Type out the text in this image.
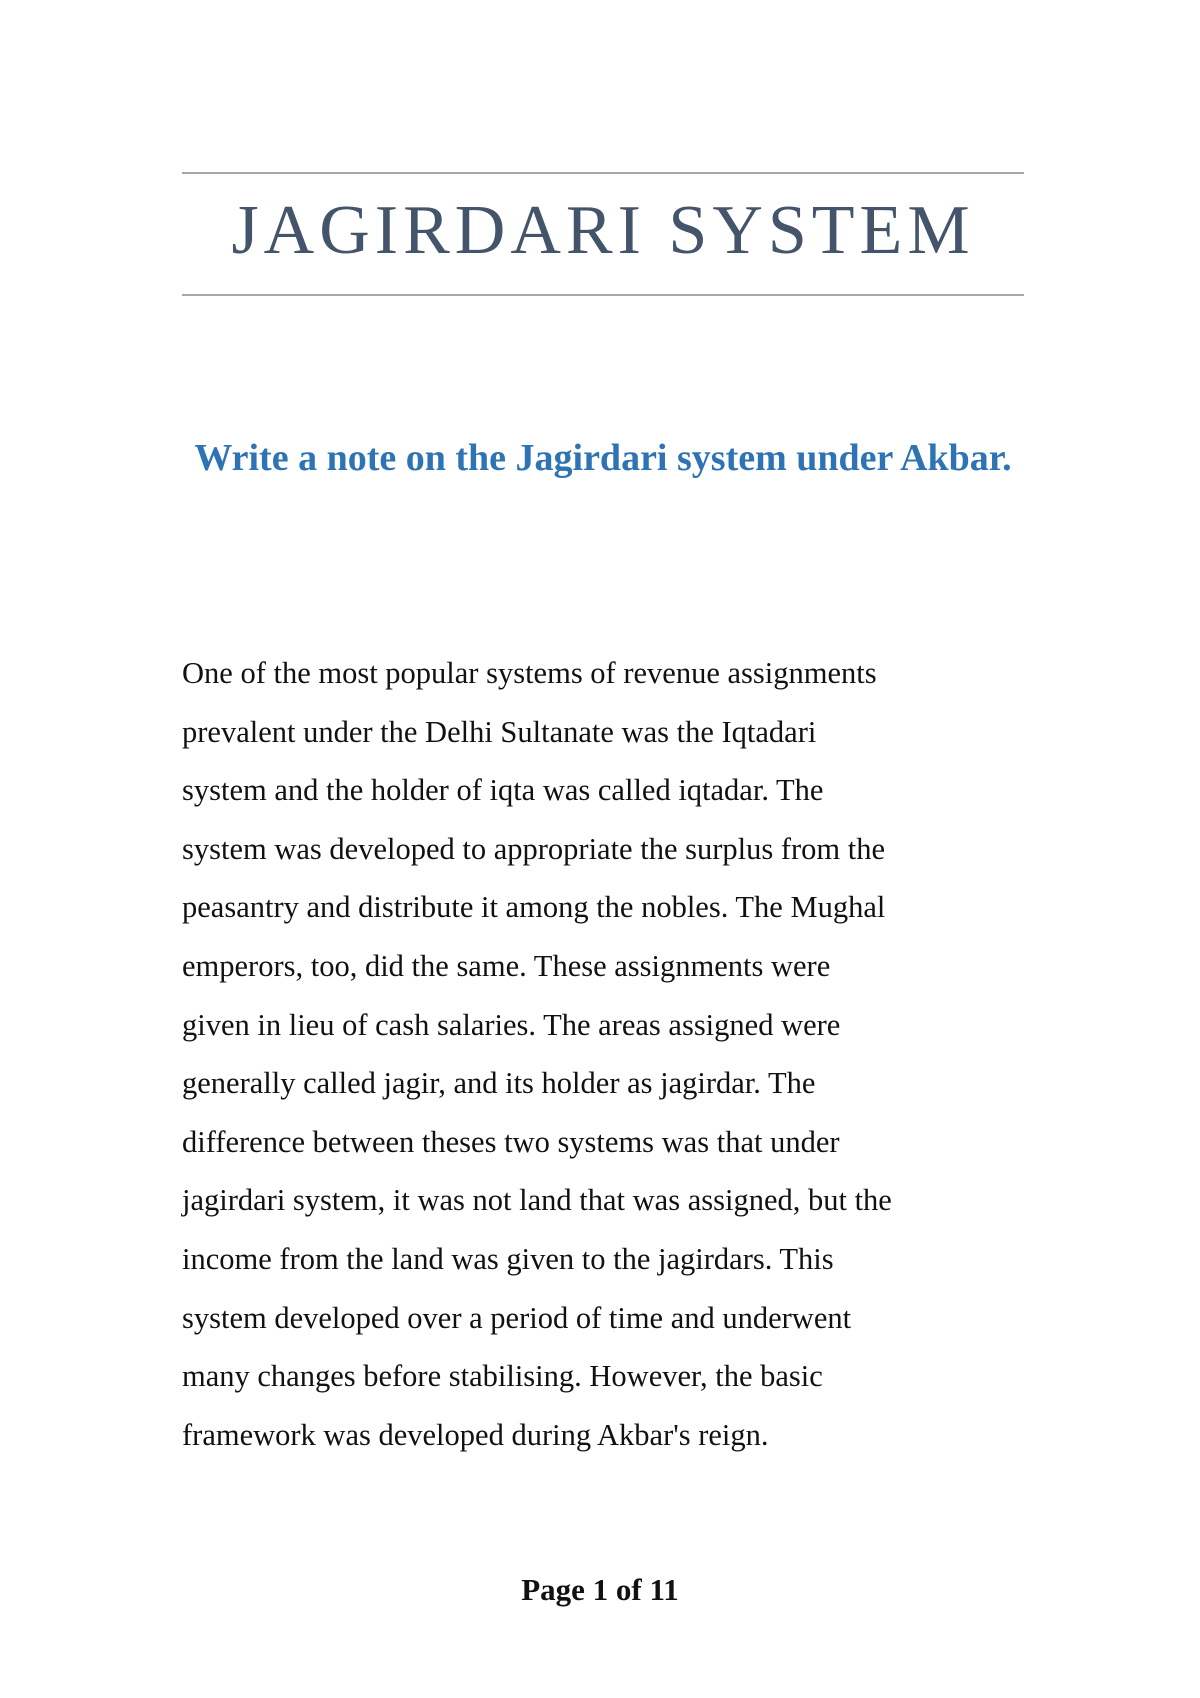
JAGIRDARI SYSTEM
Write a note on the Jagirdari system under Akbar.

One of the most popular systems of revenue assignments
prevalent under the Delhi Sultanate was the Iqtadari
system and the holder of iqta was called iqtadar. The
system was developed to appropriate the surplus from the
peasantry and distribute it among the nobles. The Mughal
emperors, too, did the same. These assignments were
given in lieu of cash salaries. The areas assigned were
generally called jagir, and its holder as jagirdar. The
difference between theses two systems was that under
jagirdari system, it was not land that was assigned, but the
income from the land was given to the jagirdars. This
system developed over a period of time and underwent
many changes before stabilising. However, the basic
framework was developed during Akbar's reign.

Page 1 of 11
